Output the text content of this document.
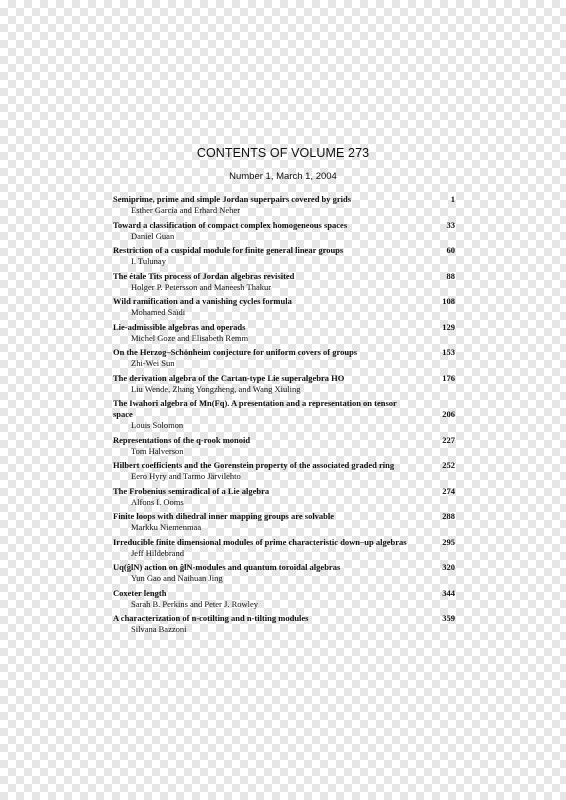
CONTENTS OF VOLUME 273
Number 1, March 1, 2004
Semiprime, prime and simple Jordan superpairs covered by grids	1
Esther García and Erhard Neher
Toward a classification of compact complex homogeneous spaces	33
Daniel Guan
Restriction of a cuspidal module for finite general linear groups	60
I. Tulunay
The étale Tits process of Jordan algebras revisited	88
Holger P. Petersson and Maneesh Thakur
Wild ramification and a vanishing cycles formula	108
Mohamed Saïdi
Lie-admissible algebras and operads	129
Michel Goze and Elisabeth Remm
On the Herzog–Schönheim conjecture for uniform covers of groups	153
Zhi-Wei Sun
The derivation algebra of the Cartan-type Lie superalgebra HO	176
Liu Wende, Zhang Yongzheng, and Wang Xiuling
The Iwahori algebra of Mn(Fq). A presentation and a representation on tensor space	206
Louis Solomon
Representations of the q-rook monoid	227
Tom Halverson
Hilbert coefficients and the Gorenstein property of the associated graded ring	252
Eero Hyry and Tarmo Järvilehto
The Frobenius semiradical of a Lie algebra	274
Alfons I. Ooms
Finite loops with dihedral inner mapping groups are solvable	288
Markku Niemenmaa
Irreducible finite dimensional modules of prime characteristic down–up algebras	295
Jeff Hildebrand
Uq(ĝlN) action on ĝlN-modules and quantum toroidal algebras	320
Yun Gao and Naihuan Jing
Coxeter length	344
Sarah B. Perkins and Peter J. Rowley
A characterization of n-cotilting and n-tilting modules	359
Silvana Bazzoni
